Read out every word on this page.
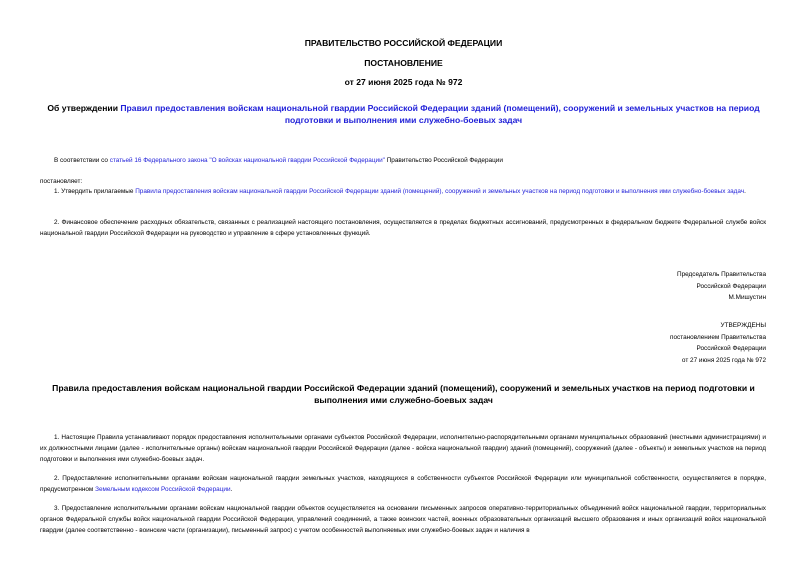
ПРАВИТЕЛЬСТВО РОССИЙСКОЙ ФЕДЕРАЦИИ
ПОСТАНОВЛЕНИЕ
от 27 июня 2025 года № 972
Об утверждении Правил предоставления войскам национальной гвардии Российской Федерации зданий (помещений), сооружений и земельных участков на период подготовки и выполнения ими служебно-боевых задач
В соответствии со статьей 16 Федерального закона "О войсках национальной гвардии Российской Федерации" Правительство Российской Федерации
постановляет:
1. Утвердить прилагаемые Правила предоставления войскам национальной гвардии Российской Федерации зданий (помещений), сооружений и земельных участков на период подготовки и выполнения ими служебно-боевых задач.
2. Финансовое обеспечение расходных обязательств, связанных с реализацией настоящего постановления, осуществляется в пределах бюджетных ассигнований, предусмотренных в федеральном бюджете Федеральной службе войск национальной гвардии Российской Федерации на руководство и управление в сфере установленных функций.
Председатель Правительства
Российской Федерации
М.Мишустин
УТВЕРЖДЕНЫ
постановлением Правительства
Российской Федерации
от 27 июня 2025 года № 972
Правила предоставления войскам национальной гвардии Российской Федерации зданий (помещений), сооружений и земельных участков на период подготовки и выполнения ими служебно-боевых задач
1. Настоящие Правила устанавливают порядок предоставления исполнительными органами субъектов Российской Федерации, исполнительно-распорядительными органами муниципальных образований (местными администрациями) и их должностными лицами (далее - исполнительные органы) войскам национальной гвардии Российской Федерации (далее - войска национальной гвардии) зданий (помещений), сооружений (далее - объекты) и земельных участков на период подготовки и выполнения ими служебно-боевых задач.
2. Предоставление исполнительными органами войскам национальной гвардии земельных участков, находящихся в собственности субъектов Российской Федерации или муниципальной собственности, осуществляется в порядке, предусмотренном Земельным кодексом Российской Федерации.
3. Предоставление исполнительными органами войскам национальной гвардии объектов осуществляется на основании письменных запросов оперативно-территориальных объединений войск национальной гвардии, территориальных органов Федеральной службы войск национальной гвардии Российской Федерации, управлений соединений, а также воинских частей, военных образовательных организаций высшего образования и иных организаций войск национальной гвардии (далее соответственно - воинские части (организации), письменный запрос) с учетом особенностей выполняемых ими служебно-боевых задач и наличия в
